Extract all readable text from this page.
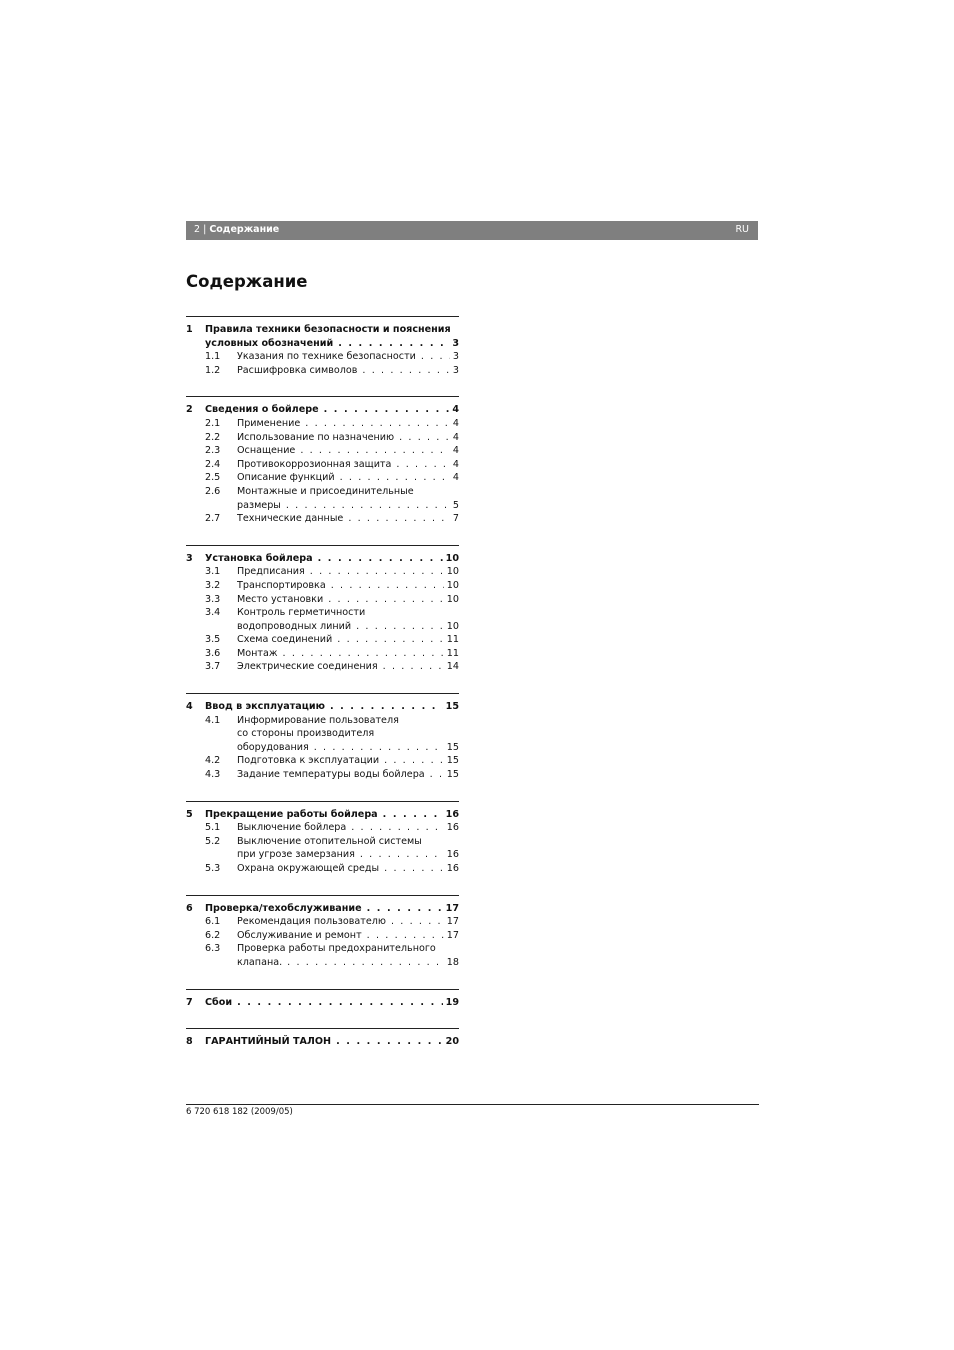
2 | Содержание	RU
Содержание
1 Правила техники безопасности и пояснения
условных обозначений . . .	3
1.1 Указания по технике безопасности . . .	3
1.2 Расшифровка символов . . .	3
2 Сведения о бойлере . . .	4
2.1 Применение . . .	4
2.2 Использование по назначению . . .	4
2.3 Оснащение . . .	4
2.4 Противокоррозионная защита . . .	4
2.5 Описание функций . . .	4
2.6 Монтажные и присоединительные
размеры . . .	5
2.7 Технические данные . . .	7
3 Установка бойлера . . .	10
3.1 Предписания . . .	10
3.2 Транспортировка . . .	10
3.3 Место установки . . .	10
3.4 Контроль герметичности
водопроводных линий . . .	10
3.5 Схема соединений . . .	11
3.6 Монтаж . . .	11
3.7 Электрические соединения . . .	14
4 Ввод в эксплуатацию . . .	15
4.1 Информирование пользователя
со стороны производителя
оборудования . . .	15
4.2 Подготовка к эксплуатации . . .	15
4.3 Задание температуры воды бойлера . . .	15
5 Прекращение работы бойлера . . .	16
5.1 Выключение бойлера . . .	16
5.2 Выключение отопительной системы
при угрозе замерзания . . .	16
5.3 Охрана окружающей среды . . .	16
6 Проверка/техобслуживание . . .	17
6.1 Рекомендация пользователю . . .	17
6.2 Обслуживание и ремонт . . .	17
6.3 Проверка работы предохранительного
клапана. . . .	18
7 Сбои . . .	19
8 ГАРАНТИЙНЫЙ ТАЛОН . . .	20
6 720 618 182 (2009/05)
